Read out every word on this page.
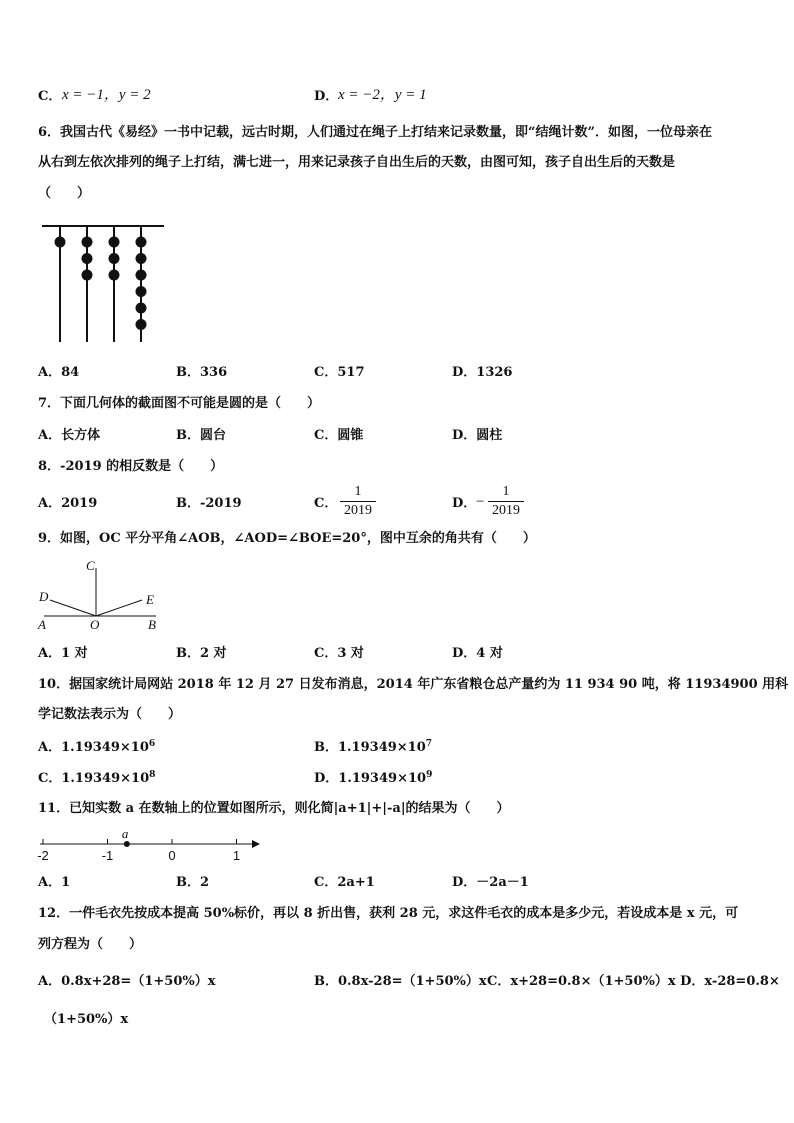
C． x = −1，y = 2	D． x = −2，y = 1
6．我国古代《易经》一书中记载，远古时期，人们通过在绳子上打结来记录数量，即“结绳计数”．如图，一位母亲在
从右到左依次排列的绳子上打结，满七进一，用来记录孩子自出生后的天数，由图可知，孩子自出生后的天数是
（　　）
A．84	B．336	C．517	D．1326
7．下面几何体的截面图不可能是圆的是（　　）
A．长方体	B．圆台	C．圆锥	D．圆柱
8．-2019 的相反数是（　　）
A．2019	B．-2019	C．
1
2019	D． −
1
2019
9．如图，OC 平分平角∠AOB，∠AOD=∠BOE=20°，图中互余的角共有（　　）
C
D	E
A	O	B
A．1 对	B．2 对	C．3 对	D．4 对
10．据国家统计局网站 2018 年 12 月 27 日发布消息，2014 年广东省粮仓总产量约为 11 934 90 吨，将 11934900 用科
学记数法表示为（　　）
A．$1.19349\times 10^6$	B．$1.19349\times 10^7$
C．$1.19349\times 10^8$	D．$1.19349\times 10^9$
11．已知实数 a 在数轴上的位置如图所示，则化简|a+1|+|-a|的结果为（　　）
-2	-1	0	1
a
A．1	B．2	C．2a+1	D．－2a－1
12．一件毛衣先按成本提高 50%标价，再以 8 折出售，获利 28 元，求这件毛衣的成本是多少元，若设成本是 x 元，可
列方程为（　　）
A．0.8x+28=（1+50%）x	B．0.8x-28=（1+50%）x C．x+28=0.8×（1+50%）x D．x-28=0.8×
（1+50%）x
